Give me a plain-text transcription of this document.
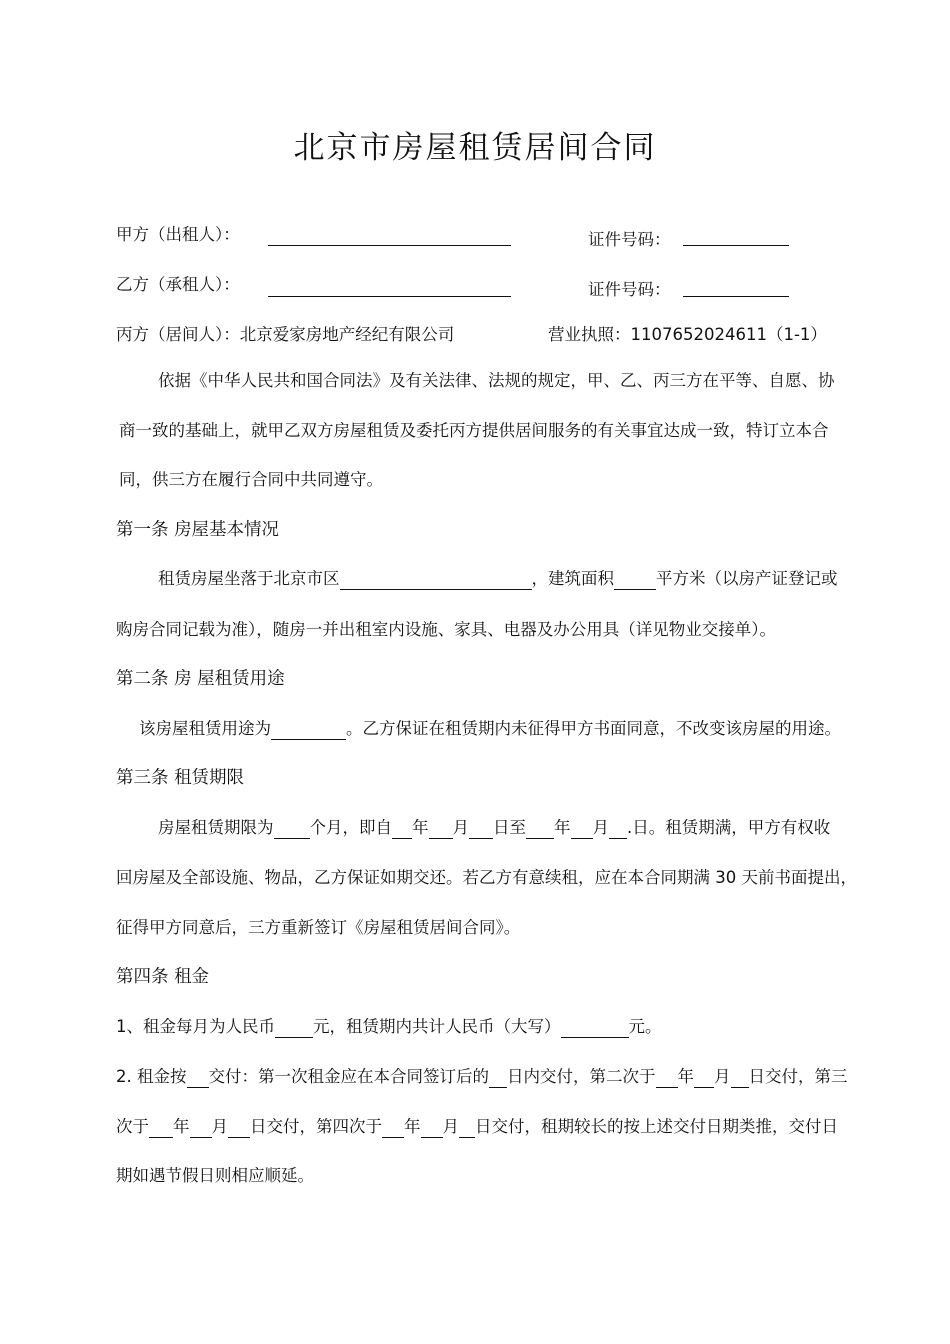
北京市房屋租赁居间合同
甲方（出租人）：	证件号码：
乙方（承租人）：	证件号码：
丙方（居间人）：北京爱家房地产经纪有限公司	营业执照：1107652024611（1-1）
依据《中华人民共和国合同法》及有关法律、法规的规定，甲、乙、丙三方在平等、自愿、协
商一致的基础上，就甲乙双方房屋租赁及委托丙方提供居间服务的有关事宜达成一致，特订立本合
同，供三方在履行合同中共同遵守。
第一条 房屋基本情况
租赁房屋坐落于北京市区	，建筑面积	平方米（以房产证登记或
购房合同记载为准），随房一并出租室内设施、家具、电器及办公用具（详见物业交接单）。
第二条 房 屋租赁用途
该房屋租赁用途为	。乙方保证在租赁期内未征得甲方书面同意，不改变该房屋的用途。
第三条 租赁期限
房屋租赁期限为 个月，即自 年 月 日至 年 月 .日。租赁期满，甲方有权收
回房屋及全部设施、物品，乙方保证如期交还。若乙方有意续租，应在本合同期满 30 天前书面提出，
征得甲方同意后，三方重新签订《房屋租赁居间合同》。
第四条 租金
1、租金每月为人民币 元，租赁期内共计人民币（大写）	元。
2. 租金按 交付：第一次租金应在本合同签订后的 日内交付，第二次于 年 月 日交付，第三
次于 年 月 日交付，第四次于 年 月 日交付，租期较长的按上述交付日期类推，交付日
期如遇节假日则相应顺延。
